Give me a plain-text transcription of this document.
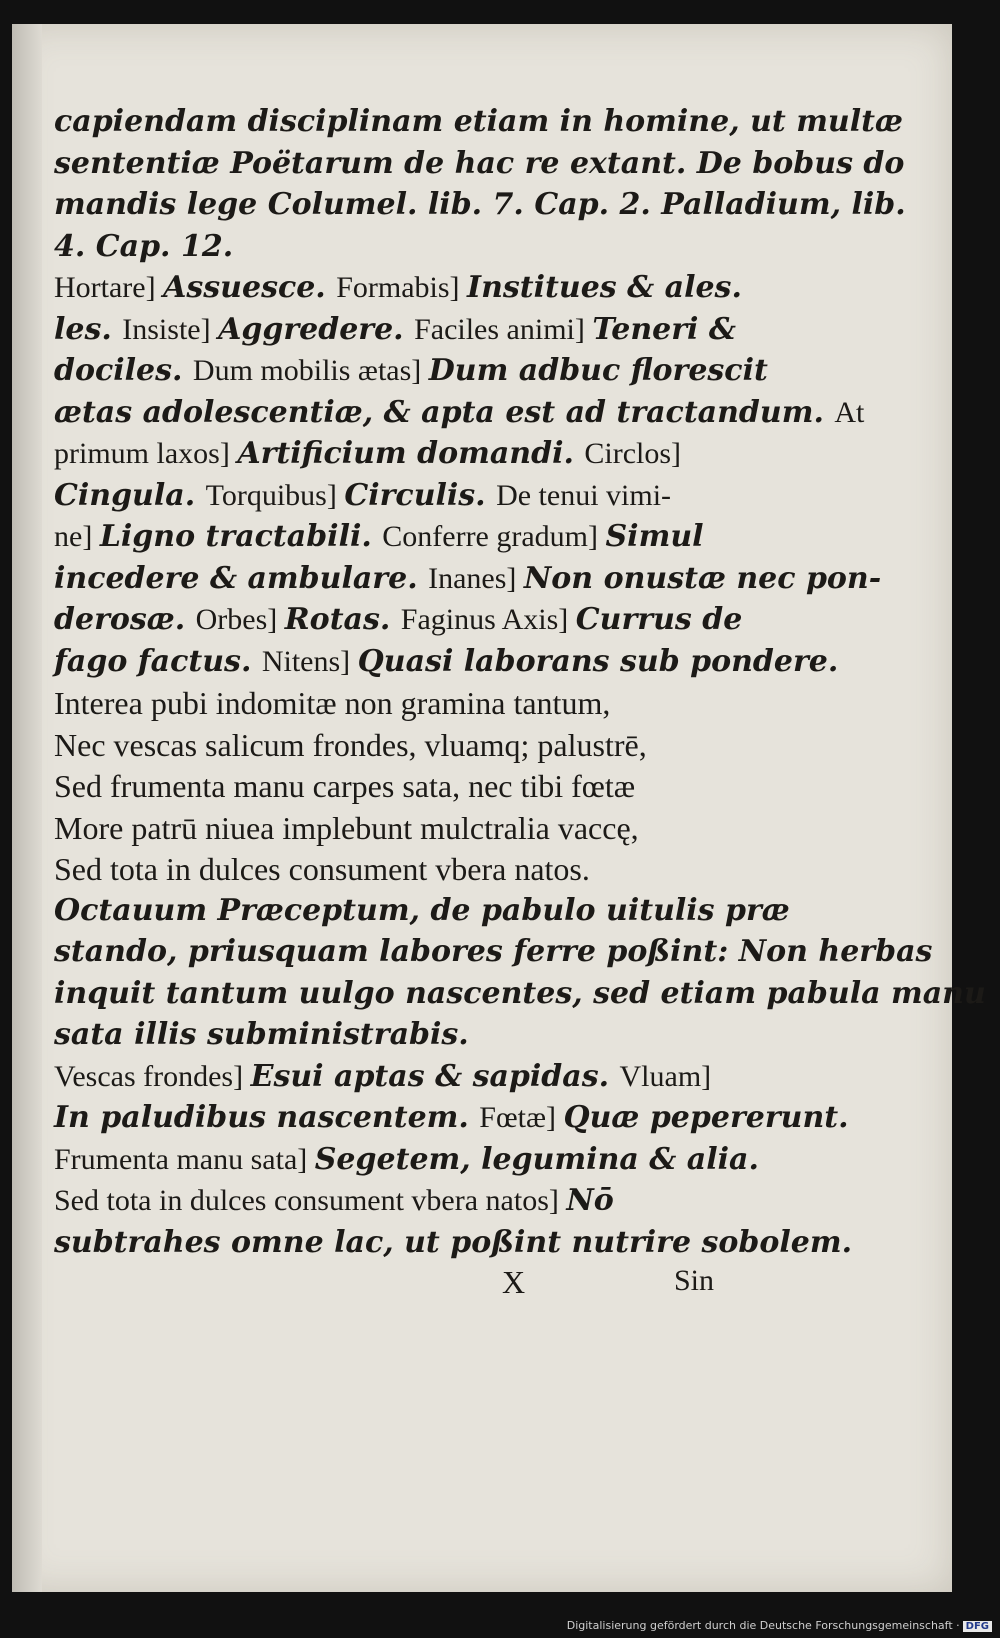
capiendam disciplinam etiam in homine, ut multæ
sententiæ Poëtarum de hac re extant. De bobus do
mandis lege Columel. lib. 7. Cap. 2. Palladium, lib.
4. Cap. 12.
Hortare] Assuesce. Formabis] Institues & ales.
les. Insiste] Aggredere. Faciles animi] Teneri &
dociles. Dum mobilis ætas] Dum adbuc florescit
ætas adolescentiæ, & apta est ad tractandum. At
primum laxos] Artificium domandi. Circlos]
Cingula. Torquibus] Circulis. De tenui vimi-
ne] Ligno tractabili. Conferre gradum] Simul
incedere & ambulare. Inanes] Non onustæ nec pon-
derosæ. Orbes] Rotas. Faginus Axis] Currus de
fago factus. Nitens] Quasi laborans sub pondere.
Interea pubi indomitæ non gramina tantum,
Nec vescas salicum frondes, vluamq; palustrē,
Sed frumenta manu carpes sata, nec tibi fœtæ
More patrū niuea implebunt mulctralia vaccę,
Sed tota in dulces consument vbera natos.
Octauum Præceptum, de pabulo uitulis præ
stando, priusquam labores ferre poßint: Non herbas
inquit tantum uulgo nascentes, sed etiam pabula manu
sata illis subministrabis.
Vescas frondes] Esui aptas & sapidas. Vluam]
In paludibus nascentem. Fœtæ] Quæ pepererunt.
Frumenta manu sata] Segetem, legumina & alia.
Sed tota in dulces consument vbera natos] Nō
subtrahes omne lac, ut poßint nutrire sobolem.
X	Sin
Digitalisierung gefördert durch die Deutsche Forschungsgemeinschaft · DFG
